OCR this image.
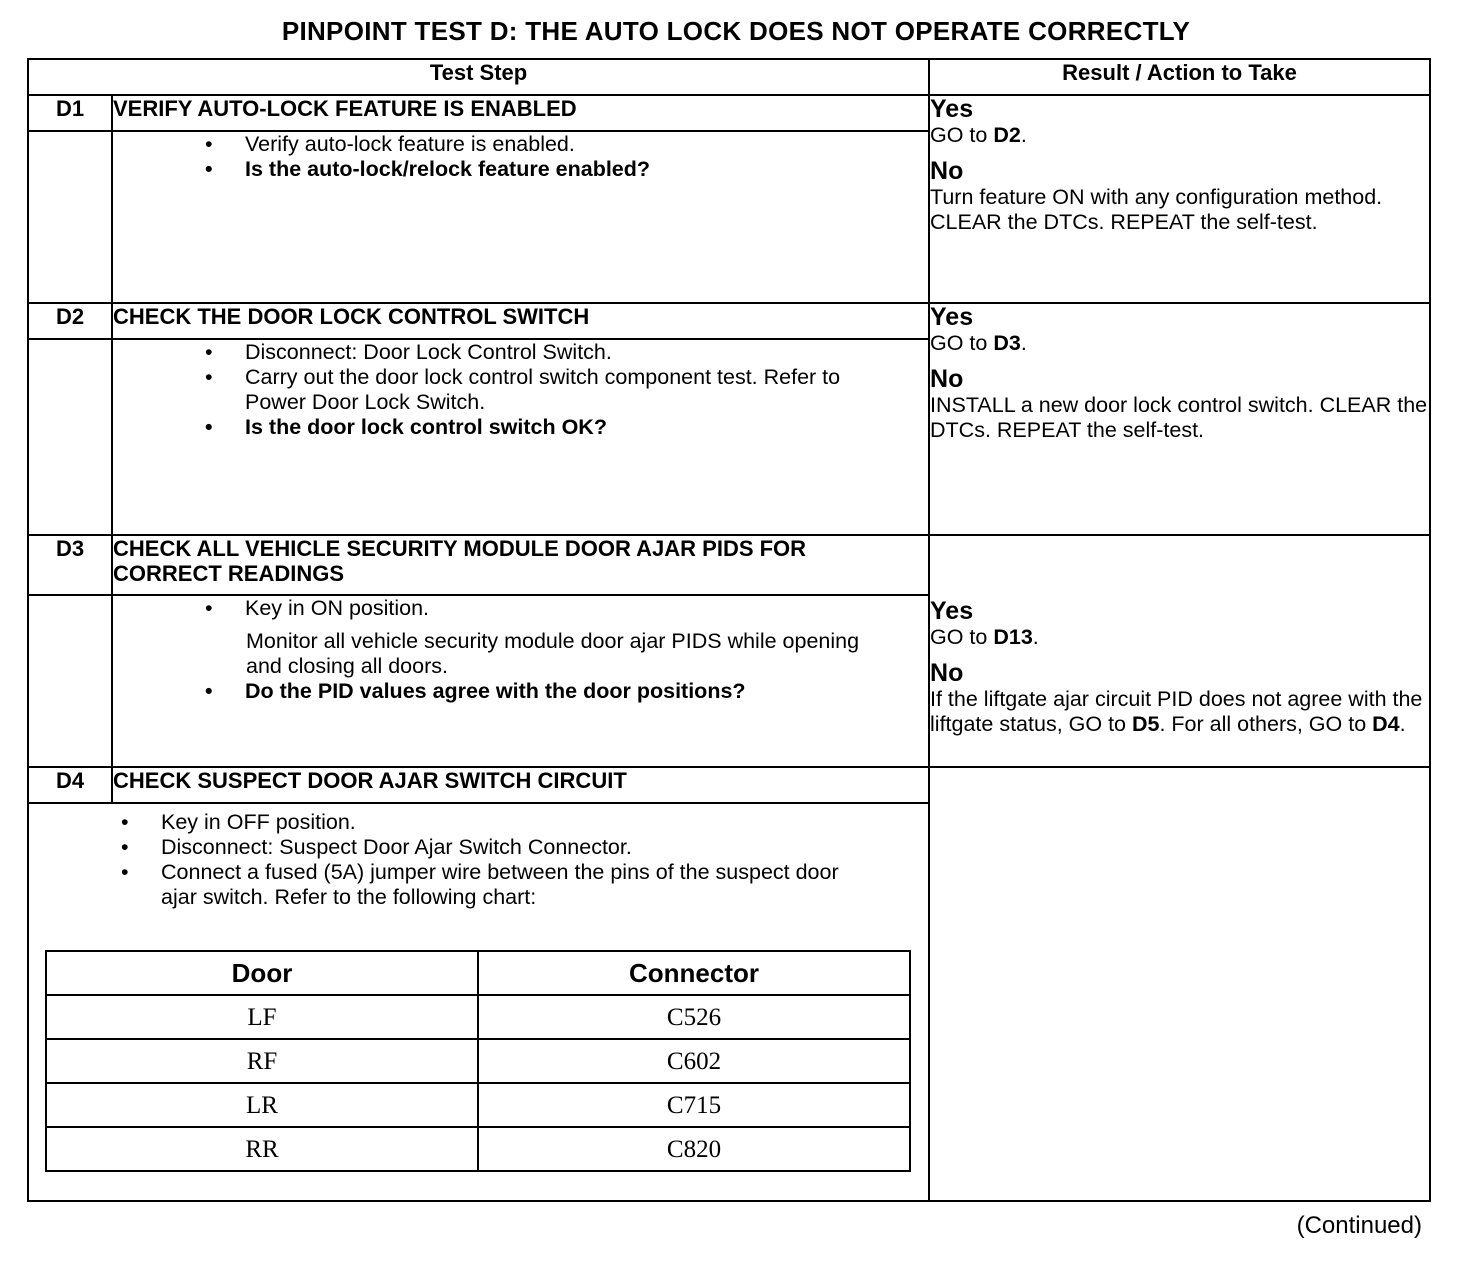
PINPOINT TEST D: THE AUTO LOCK DOES NOT OPERATE CORRECTLY
Test Step	Result / Action to Take
D1	VERIFY AUTO-LOCK FEATURE IS ENABLED	Yes
GO to D2.
No
Turn feature ON with any configuration method. CLEAR the DTCs. REPEAT the self-test.

• Verify auto-lock feature is enabled.
• Is the auto-lock/relock feature enabled?

D2	CHECK THE DOOR LOCK CONTROL SWITCH	Yes
GO to D3.
No
INSTALL a new door lock control switch. CLEAR the DTCs. REPEAT the self-test.

• Disconnect: Door Lock Control Switch.
• Carry out the door lock control switch component test. Refer to Power Door Lock Switch.
• Is the door lock control switch OK?

D3	CHECK ALL VEHICLE SECURITY MODULE DOOR AJAR PIDS FOR CORRECT READINGS	
Yes
GO to D13.
No
If the liftgate ajar circuit PID does not agree with the liftgate status, GO to D5. For all others, GO to D4.

• Key in ON position.
Monitor all vehicle security module door ajar PIDS while opening and closing all doors.
• Do the PID values agree with the door positions?

D4	CHECK SUSPECT DOOR AJAR SWITCH CIRCUIT	

• Key in OFF position.
• Disconnect: Suspect Door Ajar Switch Connector.
• Connect a fused (5A) jumper wire between the pins of the suspect door ajar switch. Refer to the following chart:
Door	Connector
LF	C526
RF	C602
LR	C715
RR	C820
(Continued)
